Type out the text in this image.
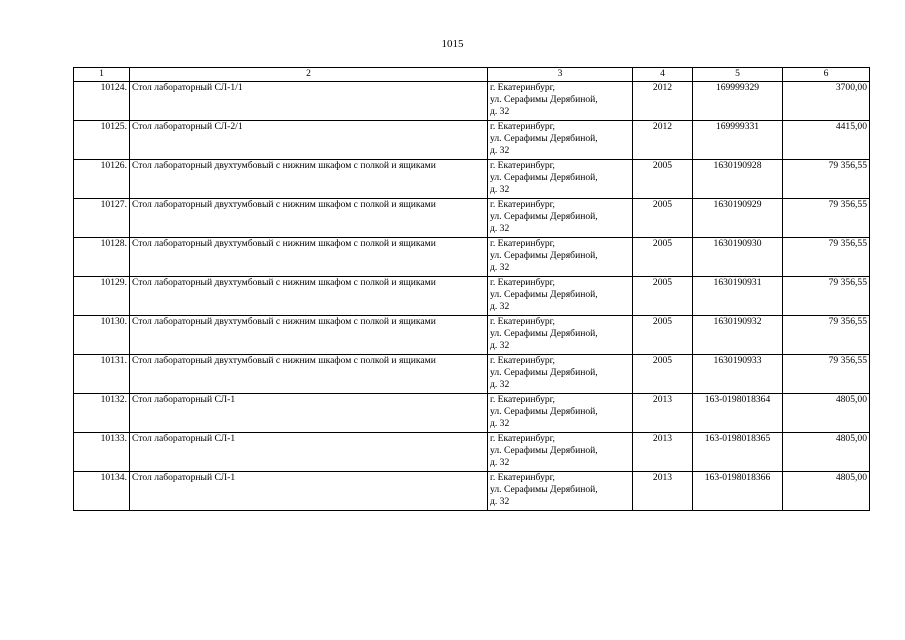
1015
1	2	3	4	5	6
10124.	Стол лабораторный СЛ-1/1	г. Екатеринбург,
ул. Серафимы Дерябиной,
д. 32	2012	169999329	3700,00
10125.	Стол лабораторный СЛ-2/1	г. Екатеринбург,
ул. Серафимы Дерябиной,
д. 32	2012	169999331	4415,00
10126.	Стол лабораторный двухтумбовый с нижним шкафом с полкой и ящиками	г. Екатеринбург,
ул. Серафимы Дерябиной,
д. 32	2005	1630190928	79 356,55
10127.	Стол лабораторный двухтумбовый с нижним шкафом с полкой и ящиками	г. Екатеринбург,
ул. Серафимы Дерябиной,
д. 32	2005	1630190929	79 356,55
10128.	Стол лабораторный двухтумбовый с нижним шкафом с полкой и ящиками	г. Екатеринбург,
ул. Серафимы Дерябиной,
д. 32	2005	1630190930	79 356,55
10129.	Стол лабораторный двухтумбовый с нижним шкафом с полкой и ящиками	г. Екатеринбург,
ул. Серафимы Дерябиной,
д. 32	2005	1630190931	79 356,55
10130.	Стол лабораторный двухтумбовый с нижним шкафом с полкой и ящиками	г. Екатеринбург,
ул. Серафимы Дерябиной,
д. 32	2005	1630190932	79 356,55
10131.	Стол лабораторный двухтумбовый с нижним шкафом с полкой и ящиками	г. Екатеринбург,
ул. Серафимы Дерябиной,
д. 32	2005	1630190933	79 356,55
10132.	Стол лабораторный СЛ-1	г. Екатеринбург,
ул. Серафимы Дерябиной,
д. 32	2013	163-0198018364	4805,00
10133.	Стол лабораторный СЛ-1	г. Екатеринбург,
ул. Серафимы Дерябиной,
д. 32	2013	163-0198018365	4805,00
10134.	Стол лабораторный СЛ-1	г. Екатеринбург,
ул. Серафимы Дерябиной,
д. 32	2013	163-0198018366	4805,00
